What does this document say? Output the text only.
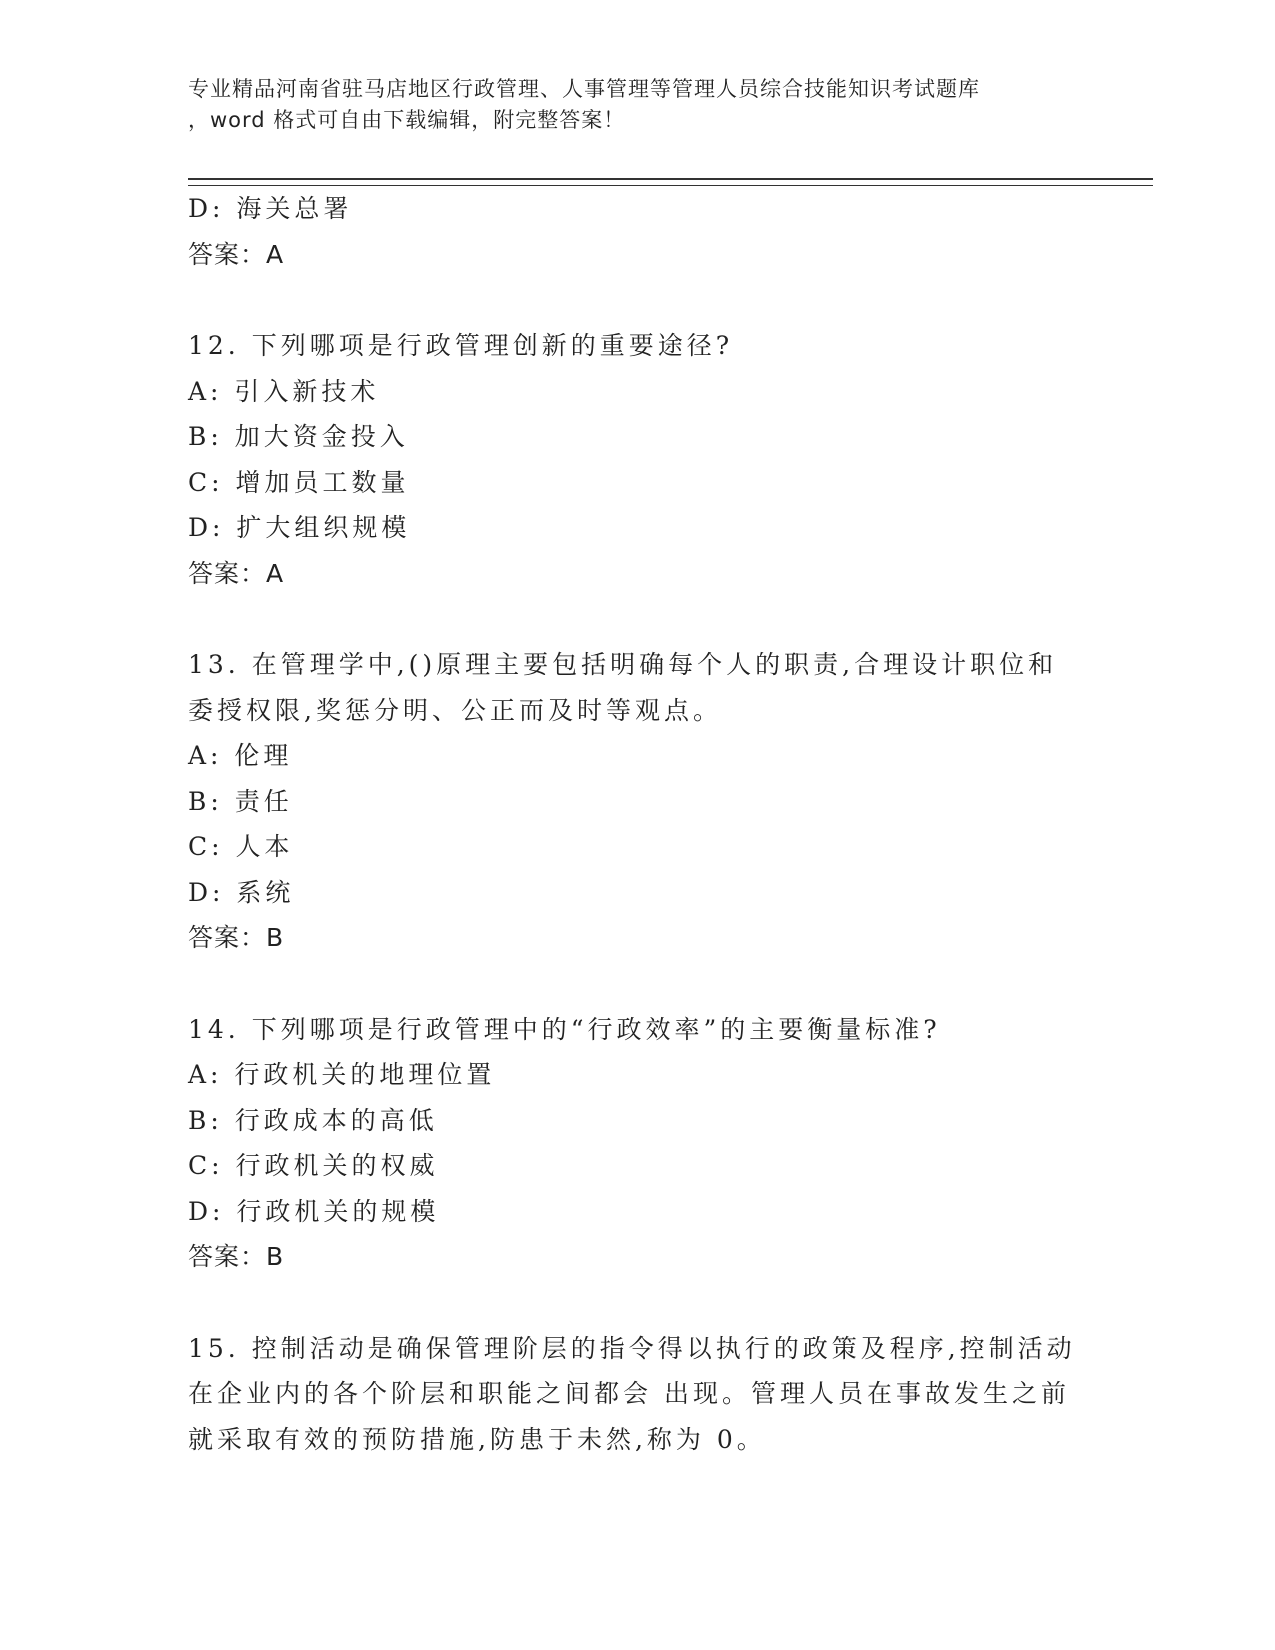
专业精品河南省驻马店地区行政管理、人事管理等管理人员综合技能知识考试题库
，word 格式可自由下载编辑，附完整答案！
D: 海关总署
答案：A
12. 下列哪项是行政管理创新的重要途径?
A: 引入新技术
B: 加大资金投入
C: 增加员工数量
D: 扩大组织规模
答案：A
13. 在管理学中,()原理主要包括明确每个人的职责,合理设计职位和
委授权限,奖惩分明、公正而及时等观点。
A: 伦理
B: 责任
C: 人本
D: 系统
答案：B
14. 下列哪项是行政管理中的“行政效率”的主要衡量标准?
A: 行政机关的地理位置
B: 行政成本的高低
C: 行政机关的权威
D: 行政机关的规模
答案：B
15. 控制活动是确保管理阶层的指令得以执行的政策及程序,控制活动
在企业内的各个阶层和职能之间都会 出现。管理人员在事故发生之前
就采取有效的预防措施,防患于未然,称为 0。
